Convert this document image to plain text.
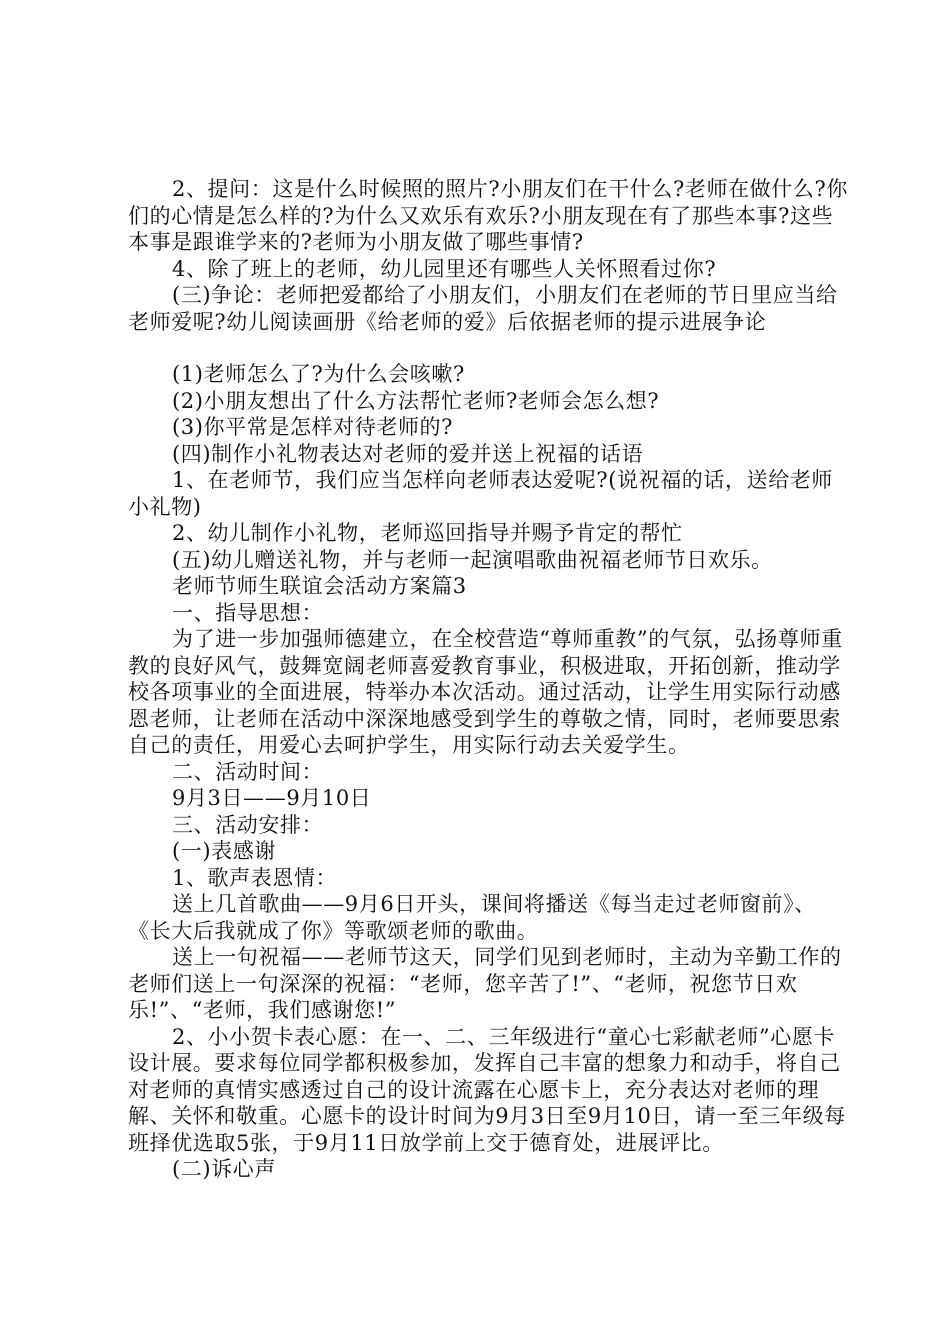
2、提问：这是什么时候照的照片?小朋友们在干什么?老师在做什么?你们的心情是怎么样的?为什么又欢乐有欢乐?小朋友现在有了那些本事?这些本事是跟谁学来的?老师为小朋友做了哪些事情?

4、除了班上的老师，幼儿园里还有哪些人关怀照看过你?

(三)争论：老师把爱都给了小朋友们，小朋友们在老师的节日里应当给老师爱呢?幼儿阅读画册《给老师的爱》后依据老师的提示进展争论

(1)老师怎么了?为什么会咳嗽?

(2)小朋友想出了什么方法帮忙老师?老师会怎么想?

(3)你平常是怎样对待老师的?

(四)制作小礼物表达对老师的爱并送上祝福的话语

1、在老师节，我们应当怎样向老师表达爱呢?(说祝福的话，送给老师小礼物)

2、幼儿制作小礼物，老师巡回指导并赐予肯定的帮忙

(五)幼儿赠送礼物，并与老师一起演唱歌曲祝福老师节日欢乐。

老师节师生联谊会活动方案篇3

一、指导思想：

为了进一步加强师德建立，在全校营造“尊师重教”的气氛，弘扬尊师重教的良好风气，鼓舞宽阔老师喜爱教育事业，积极进取，开拓创新，推动学校各项事业的全面进展，特举办本次活动。通过活动，让学生用实际行动感恩老师，让老师在活动中深深地感受到学生的尊敬之情，同时，老师要思索自己的责任，用爱心去呵护学生，用实际行动去关爱学生。

二、活动时间：

9月3日——9月10日

三、活动安排：

(一)表感谢

1、歌声表恩情：

送上几首歌曲——9月6日开头，课间将播送《每当走过老师窗前》、《长大后我就成了你》等歌颂老师的歌曲。

送上一句祝福——老师节这天，同学们见到老师时，主动为辛勤工作的老师们送上一句深深的祝福：“老师，您辛苦了!”、“老师，祝您节日欢乐!”、“老师，我们感谢您!”

2、小小贺卡表心愿：在一、二、三年级进行“童心七彩献老师”心愿卡设计展。要求每位同学都积极参加，发挥自己丰富的想象力和动手，将自己对老师的真情实感透过自己的设计流露在心愿卡上，充分表达对老师的理解、关怀和敬重。心愿卡的设计时间为9月3日至9月10日，请一至三年级每班择优选取5张，于9月11日放学前上交于德育处，进展评比。

(二)诉心声
